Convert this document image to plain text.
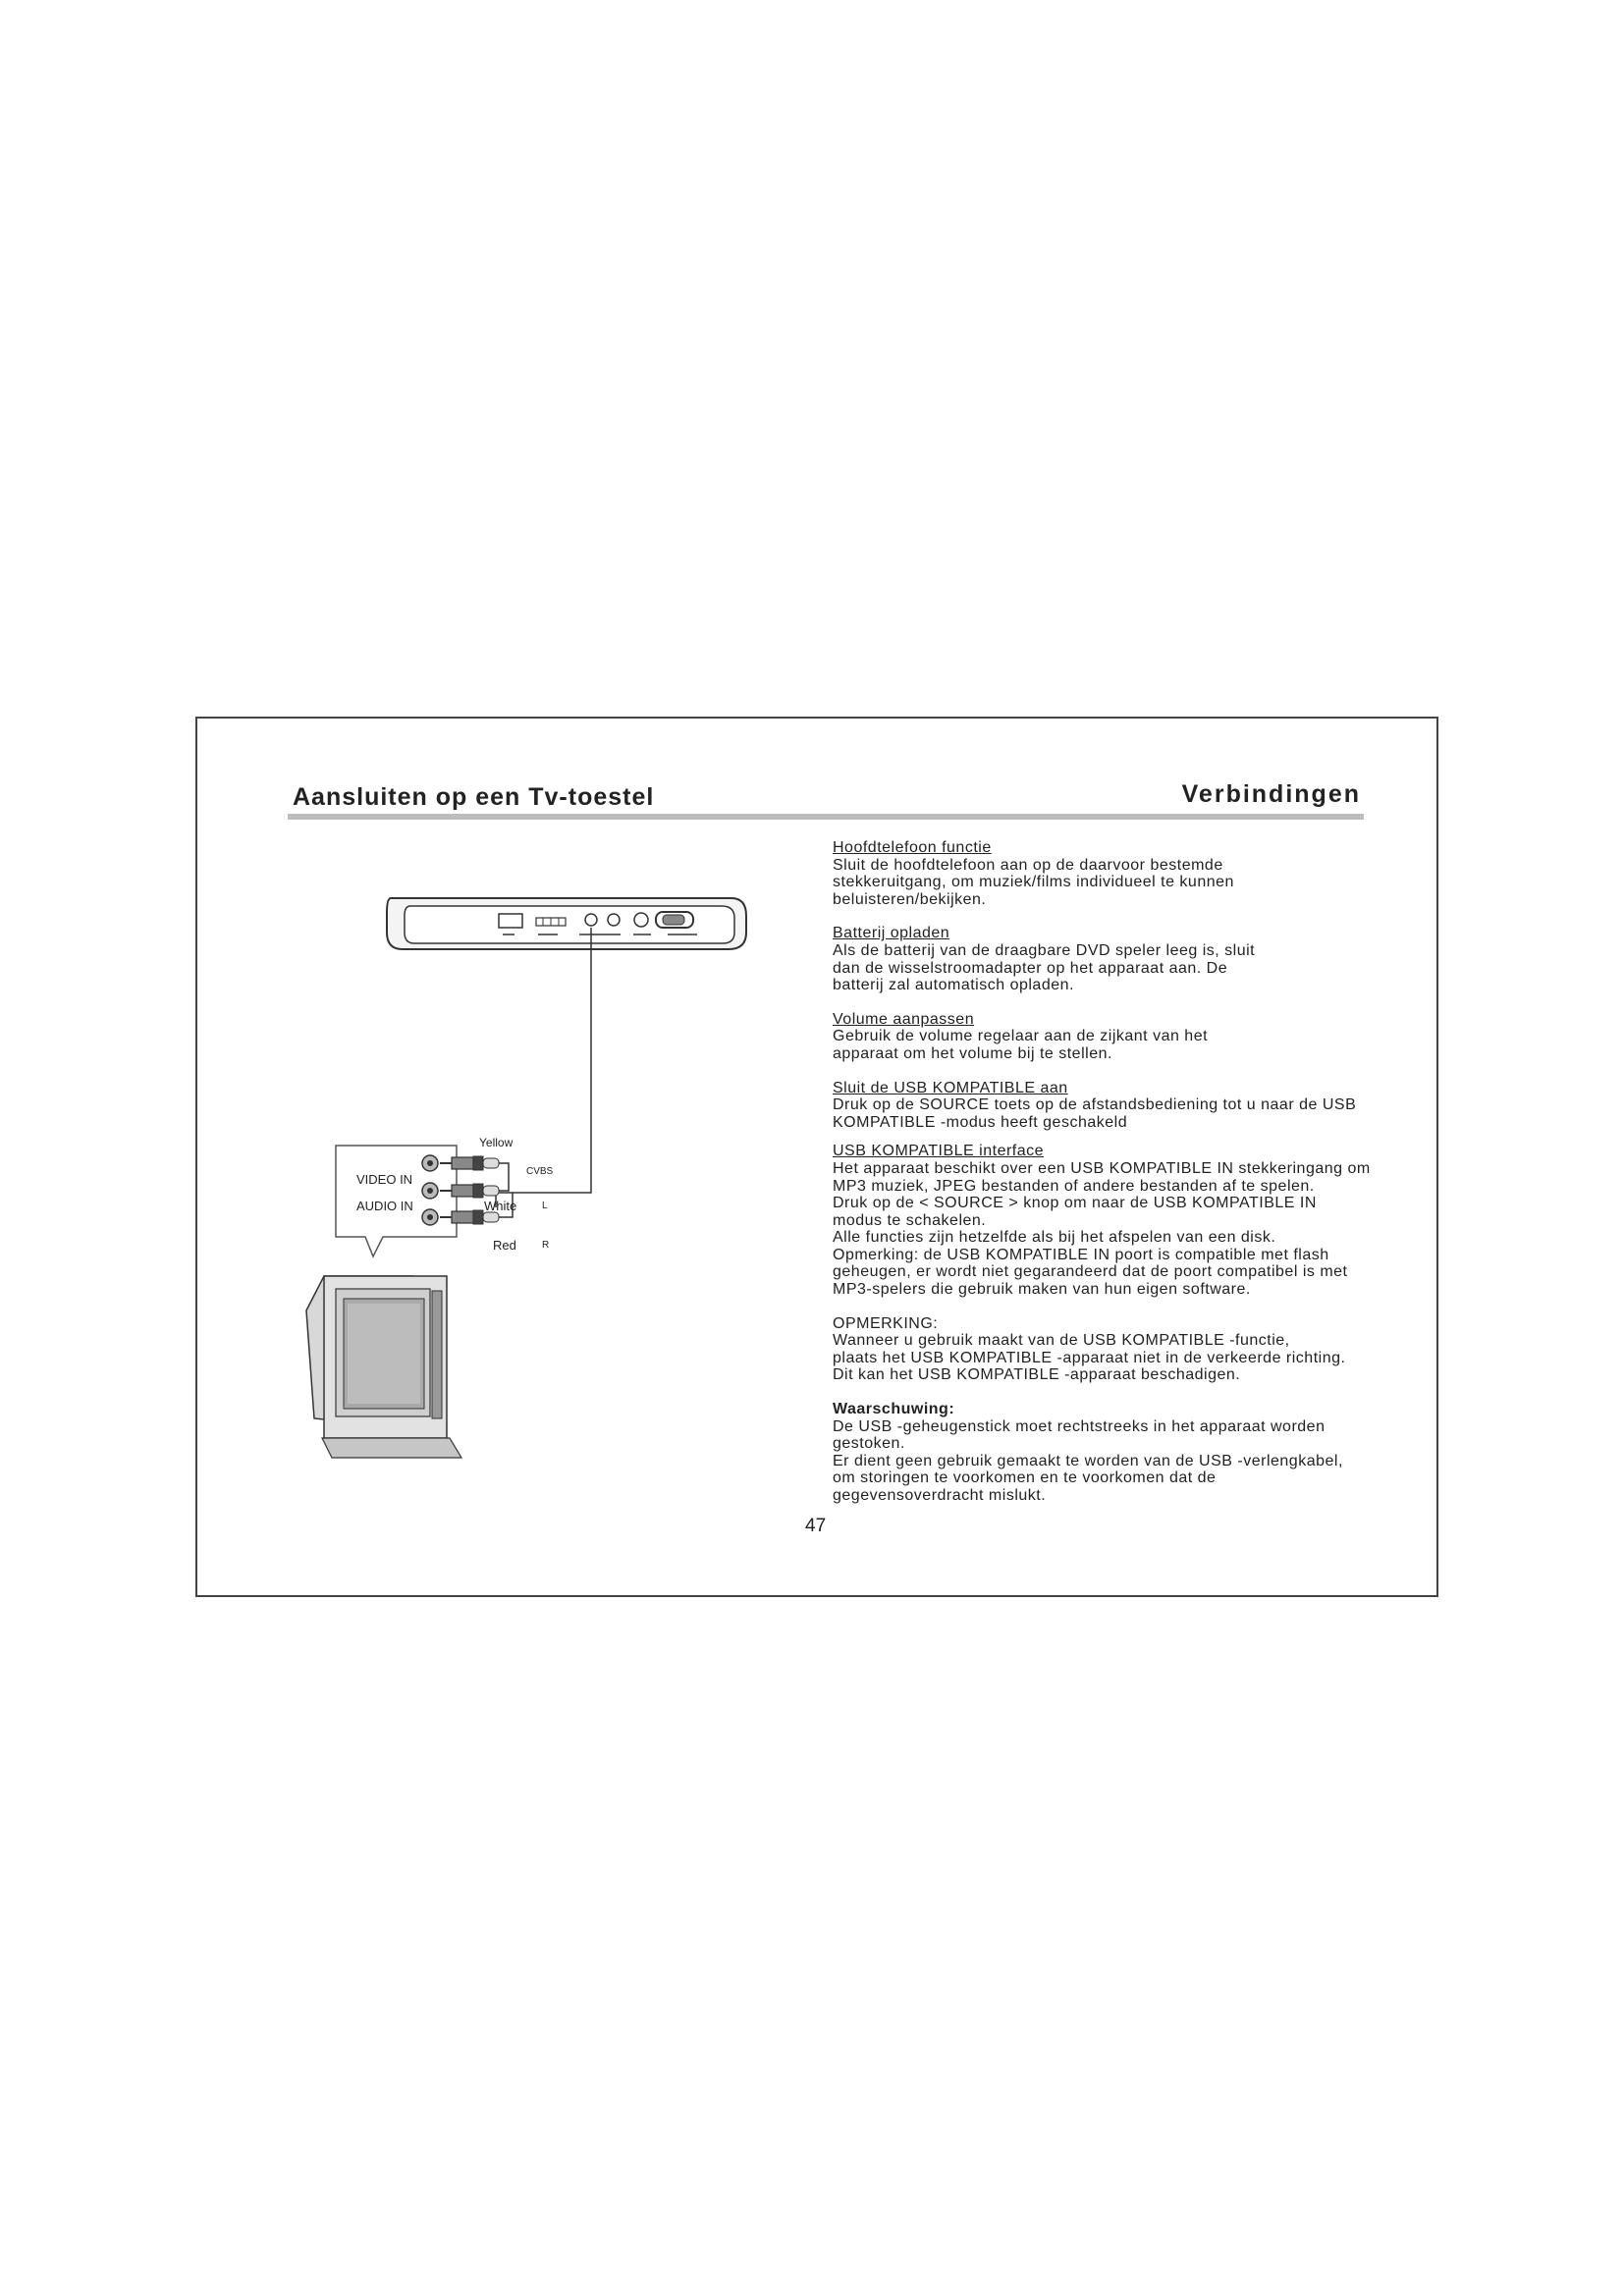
Aansluiten op een Tv-toestel	Verbindingen
VIDEO IN
AUDIO IN
Yellow
CVBS
White	L
Red	R
Hoofdtelefoon functie
Sluit de hoofdtelefoon aan op de daarvoor bestemde
stekkeruitgang, om muziek/films individueel te kunnen
beluisteren/bekijken.
Batterij opladen
Als de batterij van de draagbare DVD speler leeg is, sluit
dan de wisselstroomadapter op het apparaat aan. De
batterij zal automatisch opladen.
Volume aanpassen
Gebruik de volume regelaar aan de zijkant van het
apparaat om het volume bij te stellen.
Sluit de USB KOMPATIBLE aan
Druk op de SOURCE toets op de afstandsbediening tot u naar de USB
KOMPATIBLE -modus heeft geschakeld
USB KOMPATIBLE interface
Het apparaat beschikt over een USB KOMPATIBLE IN stekkeringang om
MP3 muziek, JPEG bestanden of andere bestanden af te spelen.
Druk op de < SOURCE > knop om naar de USB KOMPATIBLE IN
modus te schakelen.
Alle functies zijn hetzelfde als bij het afspelen van een disk.
Opmerking: de USB KOMPATIBLE IN poort is compatible met flash
geheugen, er wordt niet gegarandeerd dat de poort compatibel is met
MP3-spelers die gebruik maken van hun eigen software.
OPMERKING:
Wanneer u gebruik maakt van de USB KOMPATIBLE -functie,
plaats het USB KOMPATIBLE -apparaat niet in de verkeerde richting.
Dit kan het USB KOMPATIBLE -apparaat beschadigen.
Waarschuwing:
De USB -geheugenstick moet rechtstreeks in het apparaat worden
gestoken.
Er dient geen gebruik gemaakt te worden van de USB -verlengkabel,
om storingen te voorkomen en te voorkomen dat de
gegevensoverdracht mislukt.
47
